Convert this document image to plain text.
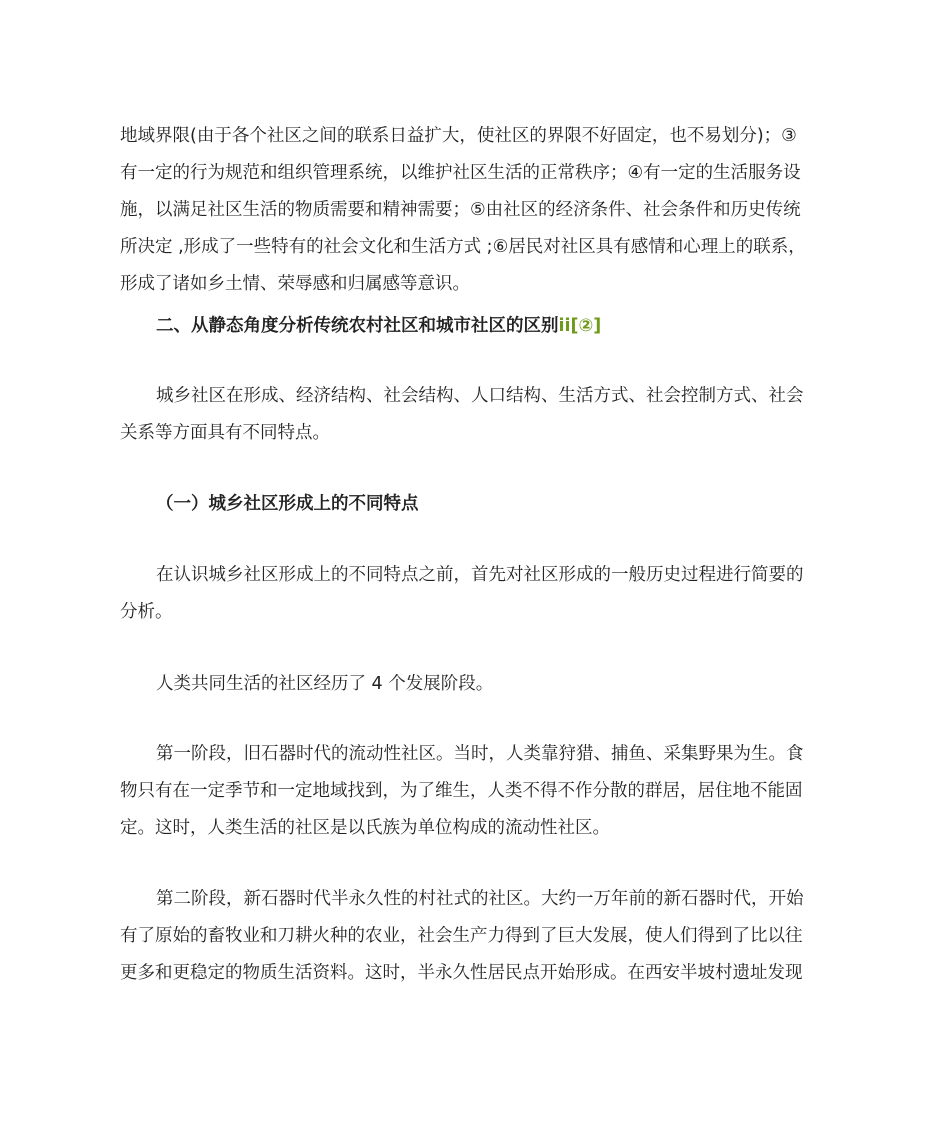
地域界限(由于各个社区之间的联系日益扩大，使社区的界限不好固定，也不易划分)；③
有一定的行为规范和组织管理系统，以维护社区生活的正常秩序；④有一定的生活服务设
施，以满足社区生活的物质需要和精神需要；⑤由社区的经济条件、社会条件和历史传统
所决定 ,形成了一些特有的社会文化和生活方式 ;⑥居民对社区具有感情和心理上的联系，
形成了诸如乡土情、荣辱感和归属感等意识。

二、从静态角度分析传统农村社区和城市社区的区别ii[②]

城乡社区在形成、经济结构、社会结构、人口结构、生活方式、社会控制方式、社会
关系等方面具有不同特点。

（一）城乡社区形成上的不同特点

在认识城乡社区形成上的不同特点之前，首先对社区形成的一般历史过程进行简要的
分析。

人类共同生活的社区经历了 4 个发展阶段。

第一阶段，旧石器时代的流动性社区。当时，人类靠狩猎、捕鱼、采集野果为生。食
物只有在一定季节和一定地域找到，为了维生，人类不得不作分散的群居，居住地不能固
定。这时，人类生活的社区是以氏族为单位构成的流动性社区。

第二阶段，新石器时代半永久性的村社式的社区。大约一万年前的新石器时代，开始
有了原始的畜牧业和刀耕火种的农业，社会生产力得到了巨大发展，使人们得到了比以往
更多和更稳定的物质生活资料。这时，半永久性居民点开始形成。在西安半坡村遗址发现
